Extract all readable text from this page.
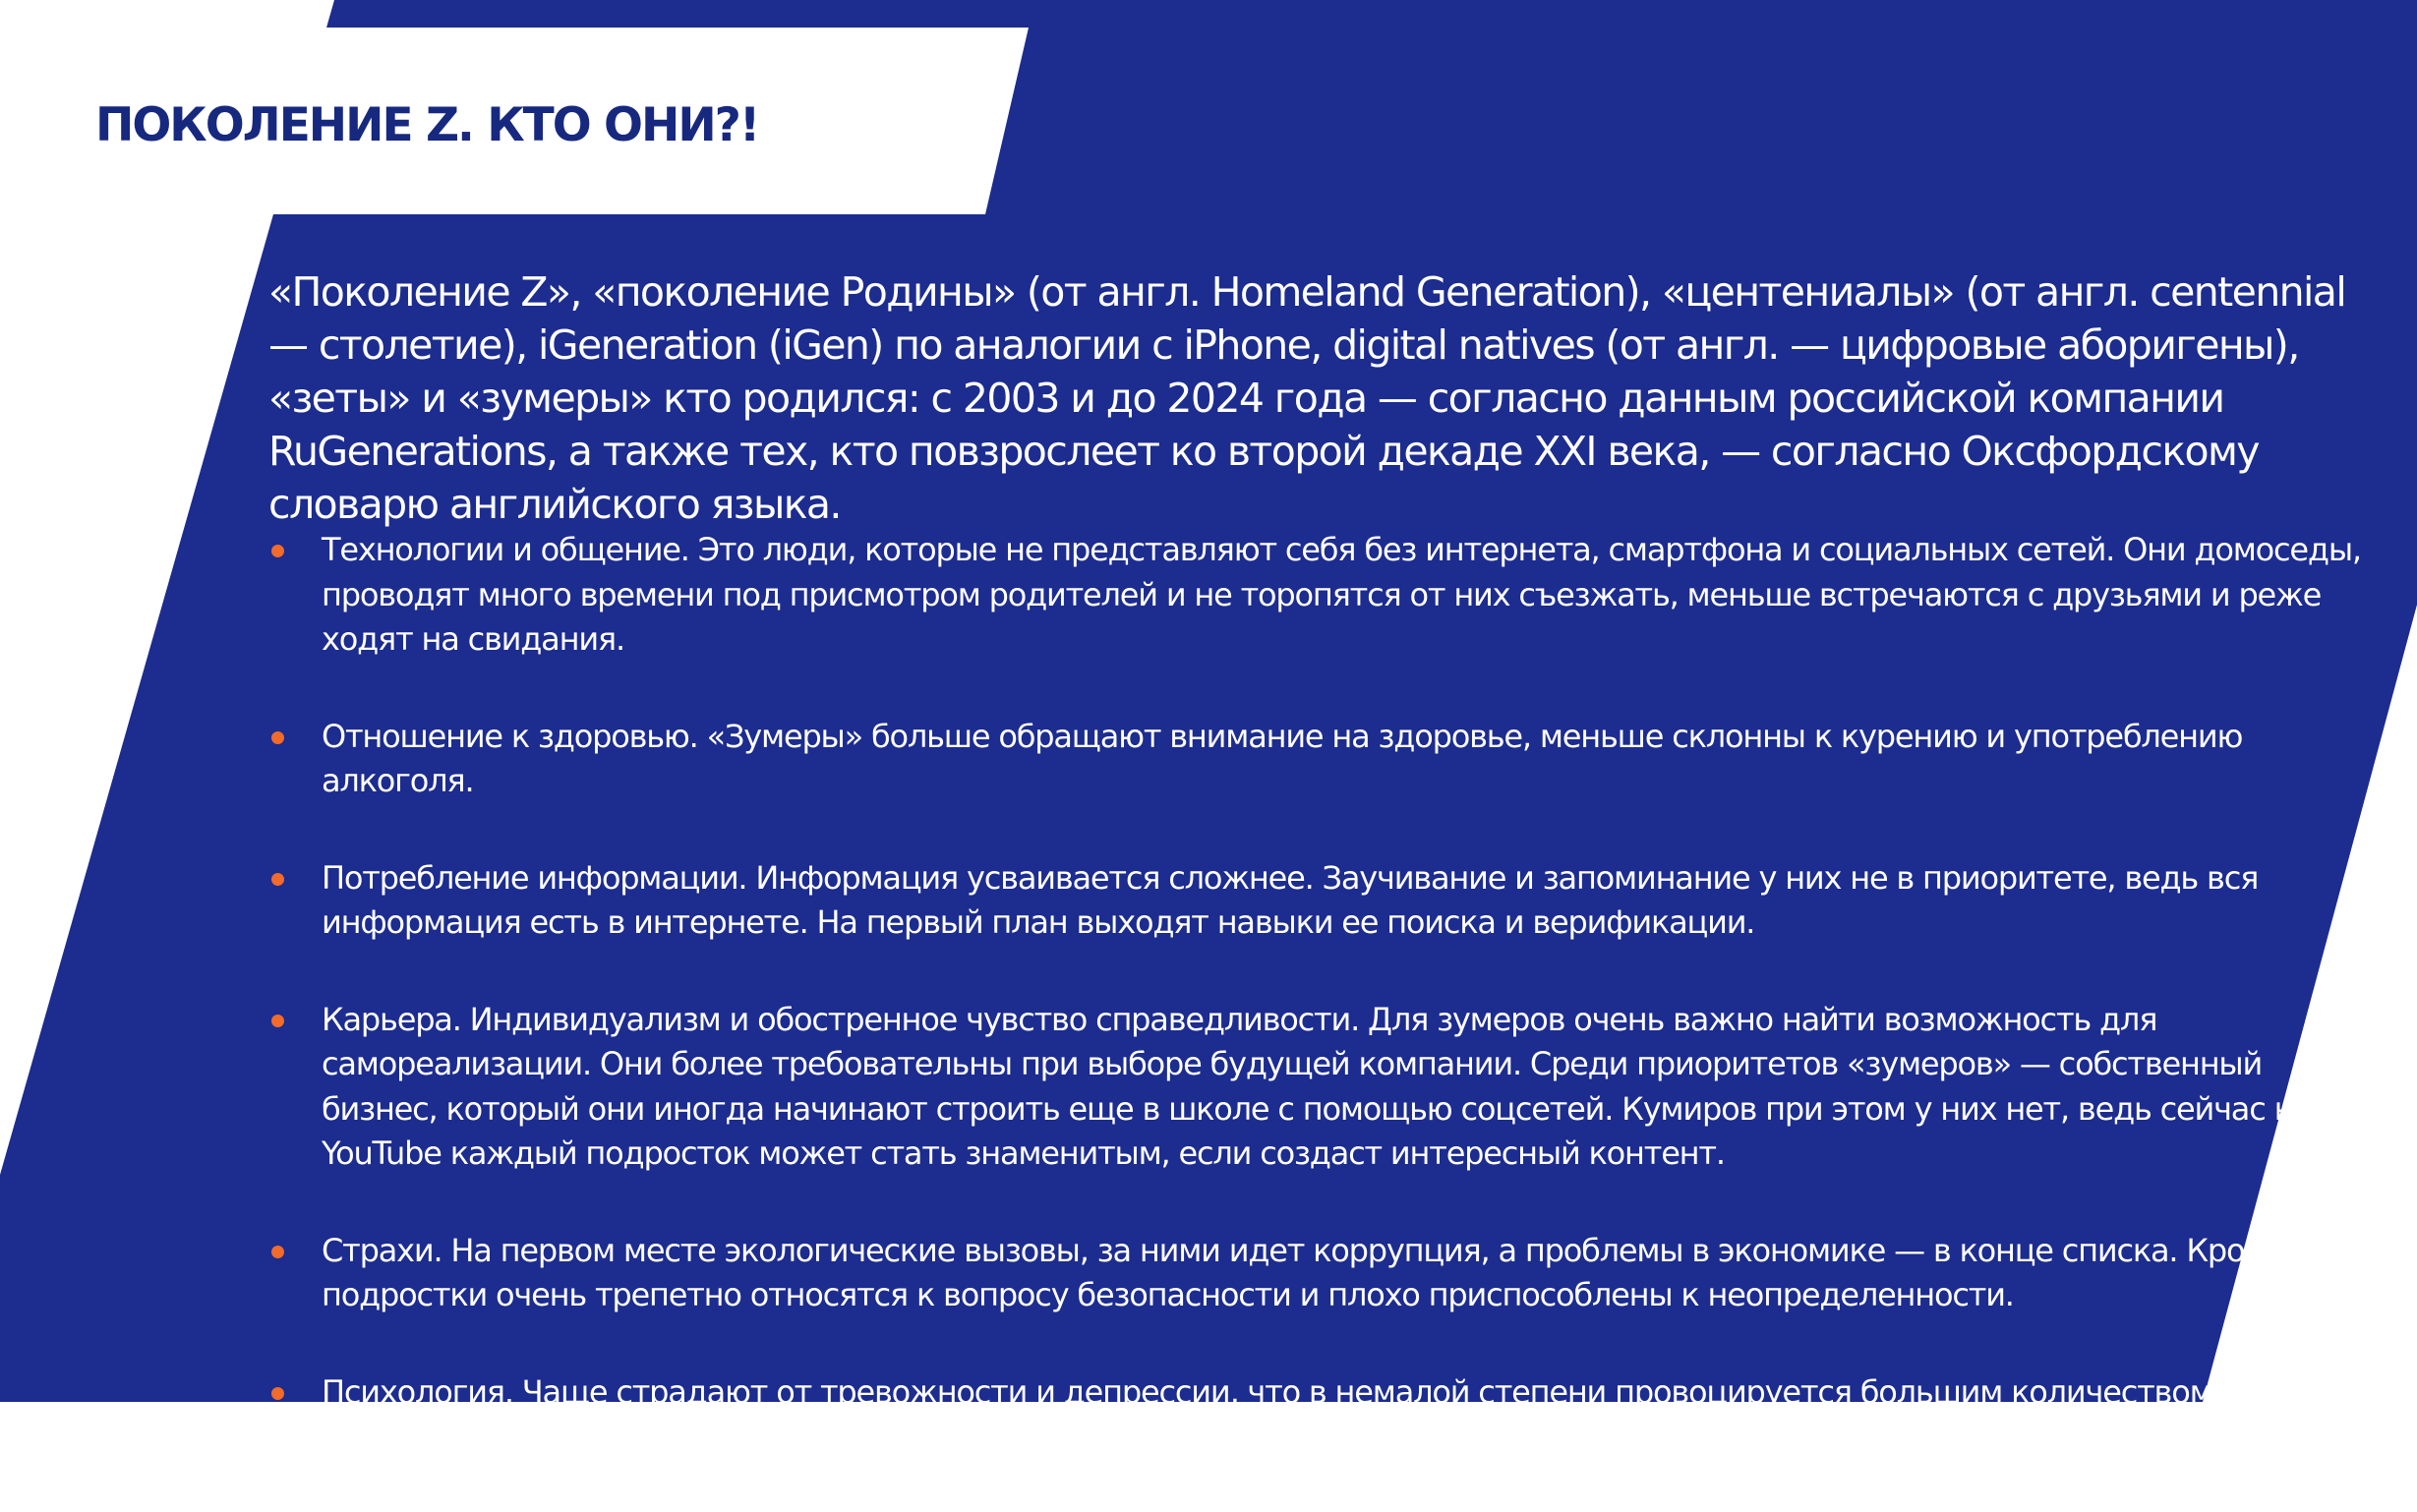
ПОКОЛЕНИЕ Z. КТО ОНИ?!

«Поколение Z», «поколение Родины» (от англ. Homeland Generation), «центениалы» (от англ. centennial — столетие), iGeneration (iGen) по аналогии с iPhone, digital natives (от англ. — цифровые аборигены), «зеты» и «зумеры» кто родился: с 2003 и до 2024 года — согласно данным российской компании RuGenerations, а также тех, кто повзрослеет ко второй декаде XXI века, — согласно Оксфордскому словарю английского языка.

Технологии и общение. Это люди, которые не представляют себя без интернета, смартфона и социальных сетей. Они домоседы, проводят много времени под присмотром родителей и не торопятся от них съезжать, меньше встречаются с друзьями и реже ходят на свидания.
Отношение к здоровью. «Зумеры» больше обращают внимание на здоровье, меньше склонны к курению и употреблению алкоголя.
Потребление информации. Информация усваивается сложнее. Заучивание и запоминание у них не в приоритете, ведь вся информация есть в интернете. На первый план выходят навыки ее поиска и верификации.
Карьера. Индивидуализм и обостренное чувство справедливости. Для зумеров очень важно найти возможность для самореализации. Они более требовательны при выборе будущей компании. Среди приоритетов «зумеров» — собственный бизнес, который они иногда начинают строить еще в школе с помощью соцсетей. Кумиров при этом у них нет, ведь сейчас на YouTube каждый подросток может стать знаменитым, если создаст интересный контент.
Страхи. На первом месте экологические вызовы, за ними идет коррупция, а проблемы в экономике — в конце списка. Кроме того, подростки очень трепетно относятся к вопросу безопасности и плохо приспособлены к неопределенности.
Психология. Чаще страдают от тревожности и депрессии, что в немалой степени провоцируется большим количеством времени, проведенным в Сети.
